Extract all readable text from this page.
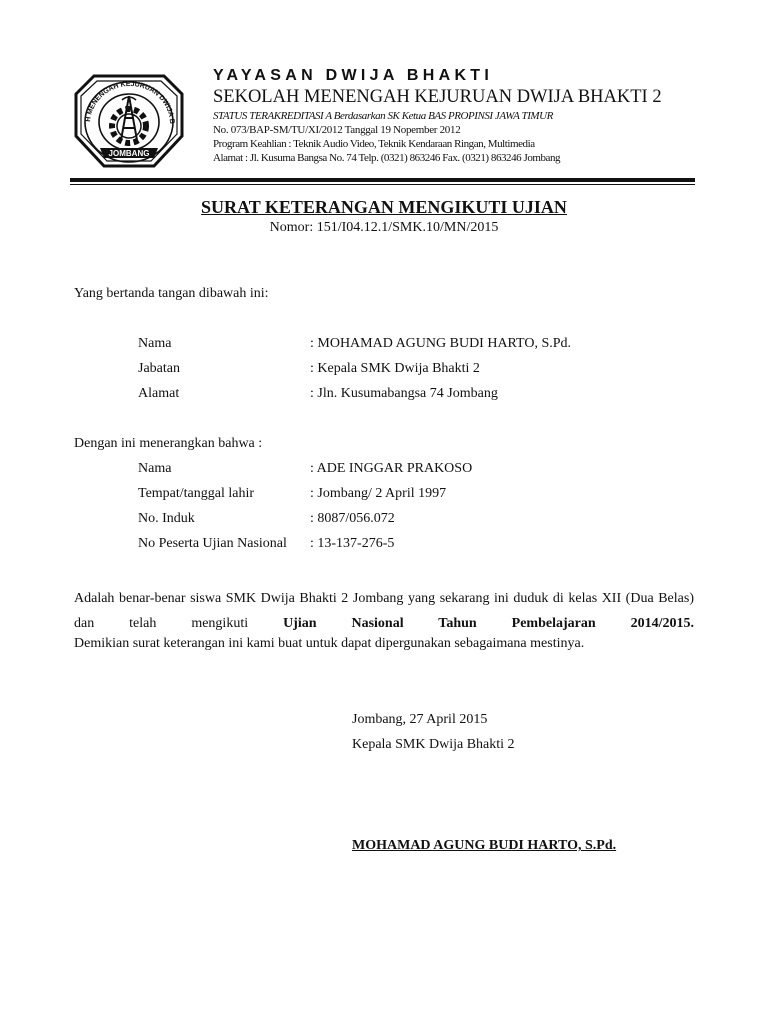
H MENENGAH KEJURUAN DWIJA B
JOMBANG
YAYASAN DWIJA BHAKTI
SEKOLAH MENENGAH KEJURUAN DWIJA BHAKTI 2
STATUS TERAKREDITASI A Berdasarkan SK Ketua BAS PROPINSI JAWA TIMUR
No. 073/BAP-SM/TU/XI/2012 Tanggal 19 Nopember 2012
Program Keahlian : Teknik Audio Video, Teknik Kendaraan Ringan, Multimedia
Alamat : Jl. Kusuma Bangsa No. 74 Telp. (0321) 863246 Fax. (0321) 863246 Jombang
SURAT KETERANGAN MENGIKUTI UJIAN
Nomor: 151/I04.12.1/SMK.10/MN/2015
Yang bertanda tangan dibawah ini:
Nama	: MOHAMAD AGUNG BUDI HARTO, S.Pd.
Jabatan	: Kepala SMK Dwija Bhakti 2
Alamat	: Jln. Kusumabangsa 74 Jombang
Dengan ini menerangkan bahwa :
Nama	: ADE INGGAR PRAKOSO
Tempat/tanggal lahir	: Jombang/ 2 April 1997
No. Induk	: 8087/056.072
No Peserta Ujian Nasional : 13-137-276-5
Adalah benar-benar siswa SMK Dwija Bhakti 2 Jombang yang sekarang ini duduk di kelas XII (Dua Belas) dan telah mengikuti Ujian Nasional Tahun Pembelajaran 2014/2015.
Demikian surat keterangan ini kami buat untuk dapat dipergunakan sebagaimana mestinya.
Jombang, 27 April 2015
Kepala SMK Dwija Bhakti 2
MOHAMAD AGUNG BUDI HARTO, S.Pd.
